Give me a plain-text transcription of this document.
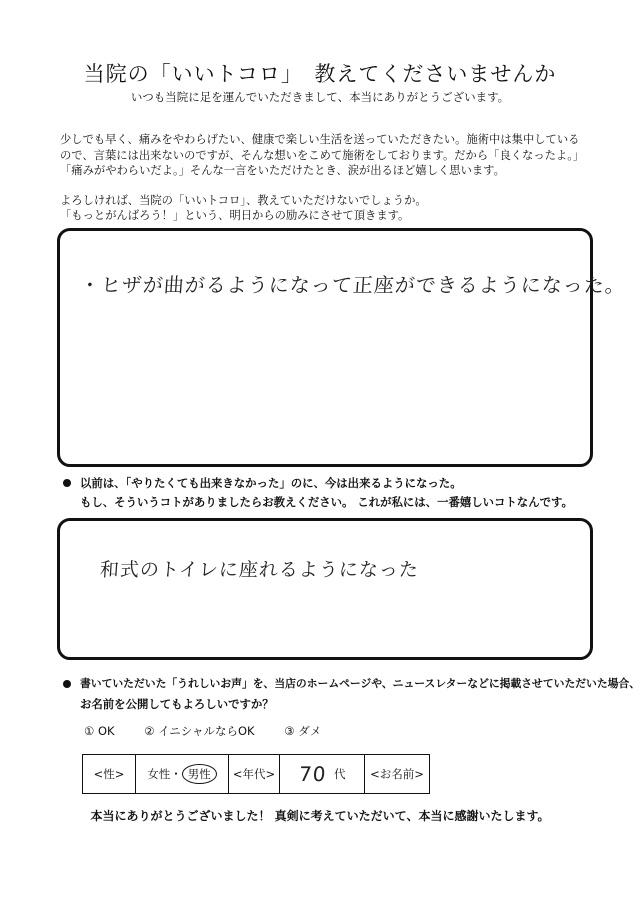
当院の「いいトコロ」　教えてくださいませんか
いつも当院に足を運んでいただきまして、本当にありがとうございます。

少しでも早く、痛みをやわらげたい、健康で楽しい生活を送っていただきたい。施術中は集中している

ので、言葉には出来ないのですが、そんな想いをこめて施術をしております。だから「良くなったよ。」

「痛みがやわらいだよ。」そんな一言をいただけたとき、涙が出るほど嬉しく思います。

よろしければ、当院の「いいトコロ」、教えていただけないでしょうか。

「もっとがんばろう！」という、明日からの励みにさせて頂きます。

・ヒザが曲がるようになって正座ができるようになった。
以前は、「やりたくても出来きなかった」のに、今は出来るようになった。
もし、そういうコトがありましたらお教えください。 これが私には、一番嬉しいコトなんです。
和式のトイレに座れるようになった
書いていただいた「うれしいお声」を、当店のホームページや、ニュースレターなどに掲載させていただいた場合、
お名前を公開してもよろしいですか？
① OK	② イニシャルならOK	③ ダメ
<性>	女性 ・ 男性	<年代> 70 代	<お名前>
本当にありがとうございました！ 真剣に考えていただいて、本当に感謝いたします。
